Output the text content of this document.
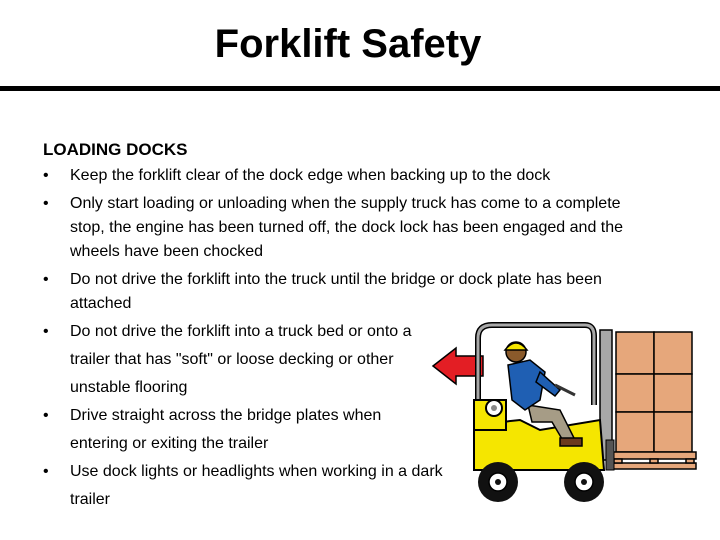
Forklift Safety
LOADING DOCKS
•	Keep the forklift clear of the dock edge when backing up to the dock
•	Only start loading or unloading when the supply truck has come to a complete stop, the engine has been turned off, the dock lock has been engaged and the wheels have been chocked
•	Do not drive the forklift into the truck until the bridge or dock plate has been attached
•	Do not drive the forklift into a truck bed or onto a trailer that has "soft" or loose decking or other unstable flooring
•	Drive straight across the bridge plates when entering or exiting the trailer
•	Use dock lights or headlights when working in a dark trailer
